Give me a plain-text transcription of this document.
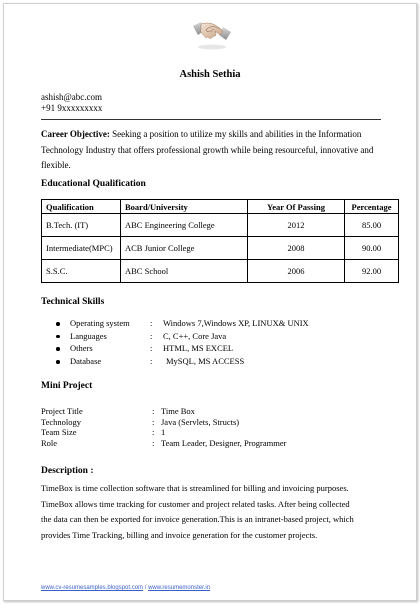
Ashish Sethia
ashish@abc.com
+91 9xxxxxxxxx
Career Objective: Seeking a position to utilize my skills and abilities in the Information Technology Industry that offers professional growth while being resourceful, innovative and flexible.
Educational Qualification
Qualification	Board/University	Year Of Passing	Percentage
B.Tech. (IT)	ABC Engineering College	2012	85.00
Intermediate(MPC)	ACB Junior College	2008	90.00
S.S.C.	ABC School	2006	92.00
Technical Skills
Operating system : Windows 7,Windows XP, LINUX& UNIX
Languages	: C, C++, Core Java
Others	: HTML, MS EXCEL
Database	: MySQL, MS ACCESS
Mini Project
Project Title	: Time Box
Technology	: Java (Servlets, Structs)
Team Size	: 1
Role	: Team Leader, Designer, Programmer
Description :
TimeBox is time collection software that is streamlined for billing and invoicing purposes.
TimeBox allows time tracking for customer and project related tasks. After being collected
the data can then be exported for invoice generation.This is an intranet-based project, which
provides Time Tracking, billing and invoice generation for the customer projects.
www.cv-resumesamples.blogspot.com / www.resumemonster.in
